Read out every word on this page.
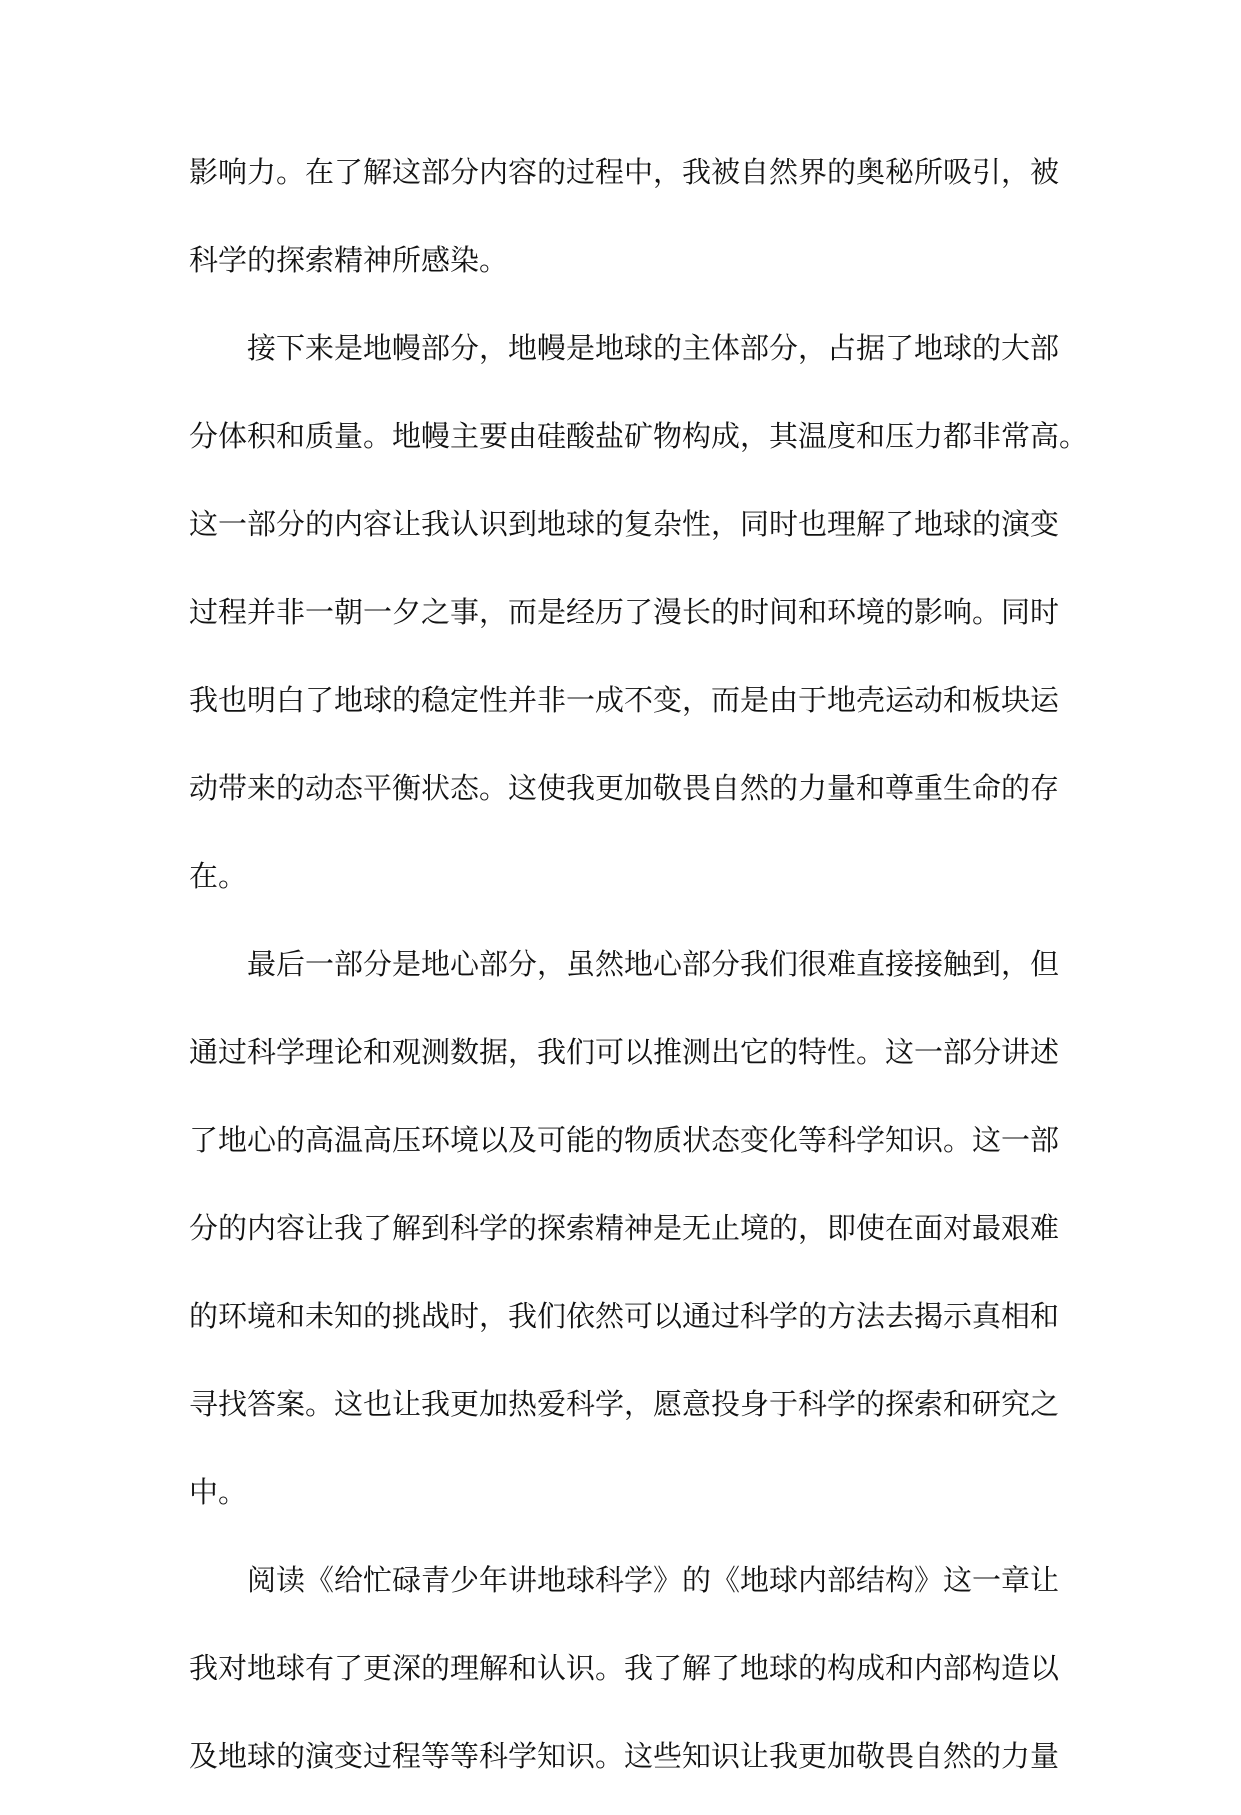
影响力。在了解这部分内容的过程中，我被自然界的奥秘所吸引，被
科学的探索精神所感染。
接下来是地幔部分，地幔是地球的主体部分，占据了地球的大部
分体积和质量。地幔主要由硅酸盐矿物构成，其温度和压力都非常高。
这一部分的内容让我认识到地球的复杂性，同时也理解了地球的演变
过程并非一朝一夕之事，而是经历了漫长的时间和环境的影响。同时
我也明白了地球的稳定性并非一成不变，而是由于地壳运动和板块运
动带来的动态平衡状态。这使我更加敬畏自然的力量和尊重生命的存
在。
最后一部分是地心部分，虽然地心部分我们很难直接接触到，但
通过科学理论和观测数据，我们可以推测出它的特性。这一部分讲述
了地心的高温高压环境以及可能的物质状态变化等科学知识。这一部
分的内容让我了解到科学的探索精神是无止境的，即使在面对最艰难
的环境和未知的挑战时，我们依然可以通过科学的方法去揭示真相和
寻找答案。这也让我更加热爱科学，愿意投身于科学的探索和研究之
中。
阅读《给忙碌青少年讲地球科学》的《地球内部结构》这一章让
我对地球有了更深的理解和认识。我了解了地球的构成和内部构造以
及地球的演变过程等等科学知识。这些知识让我更加敬畏自然的力量
